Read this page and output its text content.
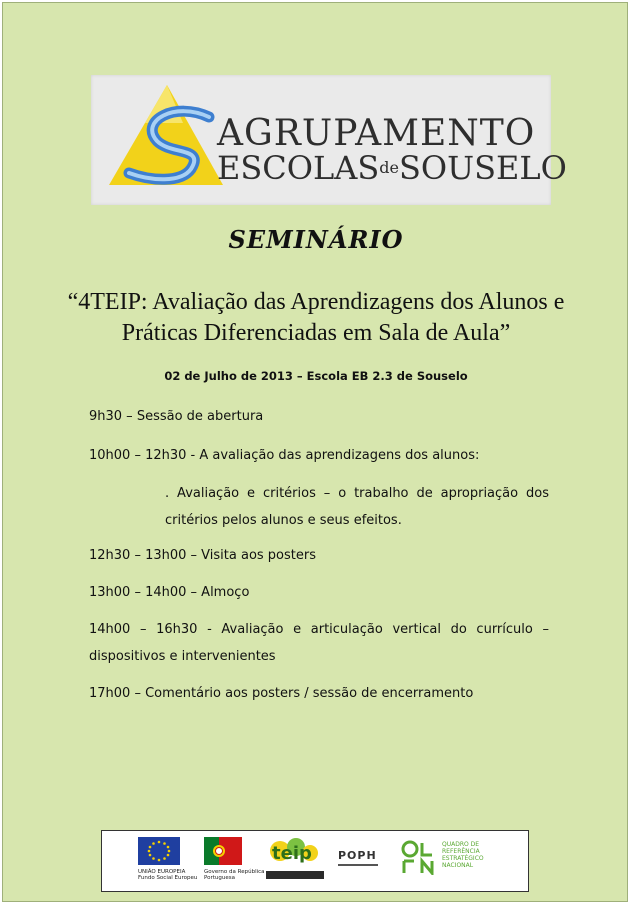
AGRUPAMENTO
ESCOLASdeSOUSELO
SEMINÁRIO
“4TEIP: Avaliação das Aprendizagens dos Alunos e
Práticas Diferenciadas em Sala de Aula”
02 de Julho de 2013 – Escola EB 2.3 de Souselo
9h30 – Sessão de abertura
10h00 – 12h30 - A avaliação das aprendizagens dos alunos:
. Avaliação e critérios – o trabalho de apropriação dos critérios pelos alunos e seus efeitos.
12h30 – 13h00 – Visita aos posters
13h00 – 14h00 – Almoço
14h00 – 16h30 - Avaliação e articulação vertical do currículo – dispositivos e intervenientes
17h00 – Comentário aos posters / sessão de encerramento
UNIÃO EUROPEIA
Fundo Social Europeu
Governo da República
Portuguesa
teip POPH
QUADRO DE REFERÊNCIA ESTRATÉGICO NACIONAL
